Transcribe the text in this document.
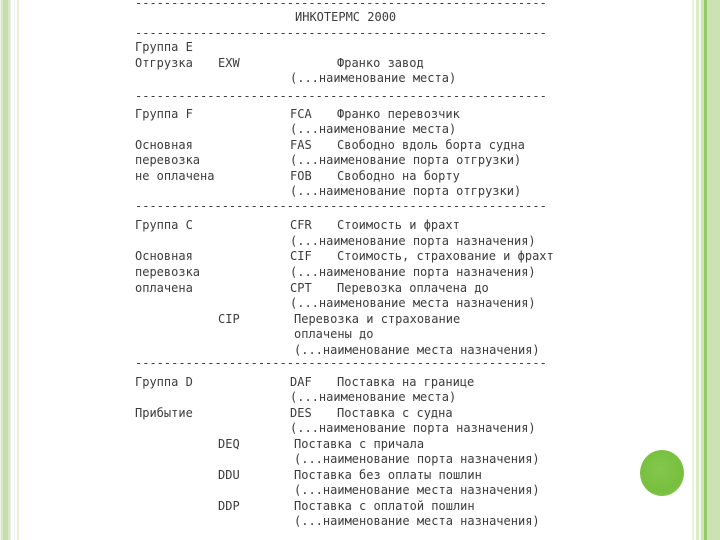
---------------------------------------------------------
ИНКОТЕРМС 2000
---------------------------------------------------------
Группа E
Отгрузка EXW	Франко завод
(...наименование места)
---------------------------------------------------------
Группа F	FCA Франко перевозчик
(...наименование места)
Основная	FAS Свободно вдоль борта судна
перевозка	(...наименование порта отгрузки)
не оплачена	FOB Свободно на борту
(...наименование порта отгрузки)
---------------------------------------------------------
Группа C	CFR Стоимость и фрахт
(...наименование порта назначения)
Основная	CIF Стоимость, страхование и фрахт
перевозка	(...наименование порта назначения)
оплачена	CPT Перевозка оплачена до
(...наименование места назначения)
CIP	Перевозка и страхование
оплачены до
(...наименование места назначения)
---------------------------------------------------------
Группа D	DAF Поставка на границе
(...наименование места)
Прибытие	DES Поставка с судна
(...наименование порта назначения)
DEQ	Поставка с причала
(...наименование порта назначения)
DDU	Поставка без оплаты пошлин
(...наименование места назначения)
DDP	Поставка с оплатой пошлин
(...наименование места назначения)
